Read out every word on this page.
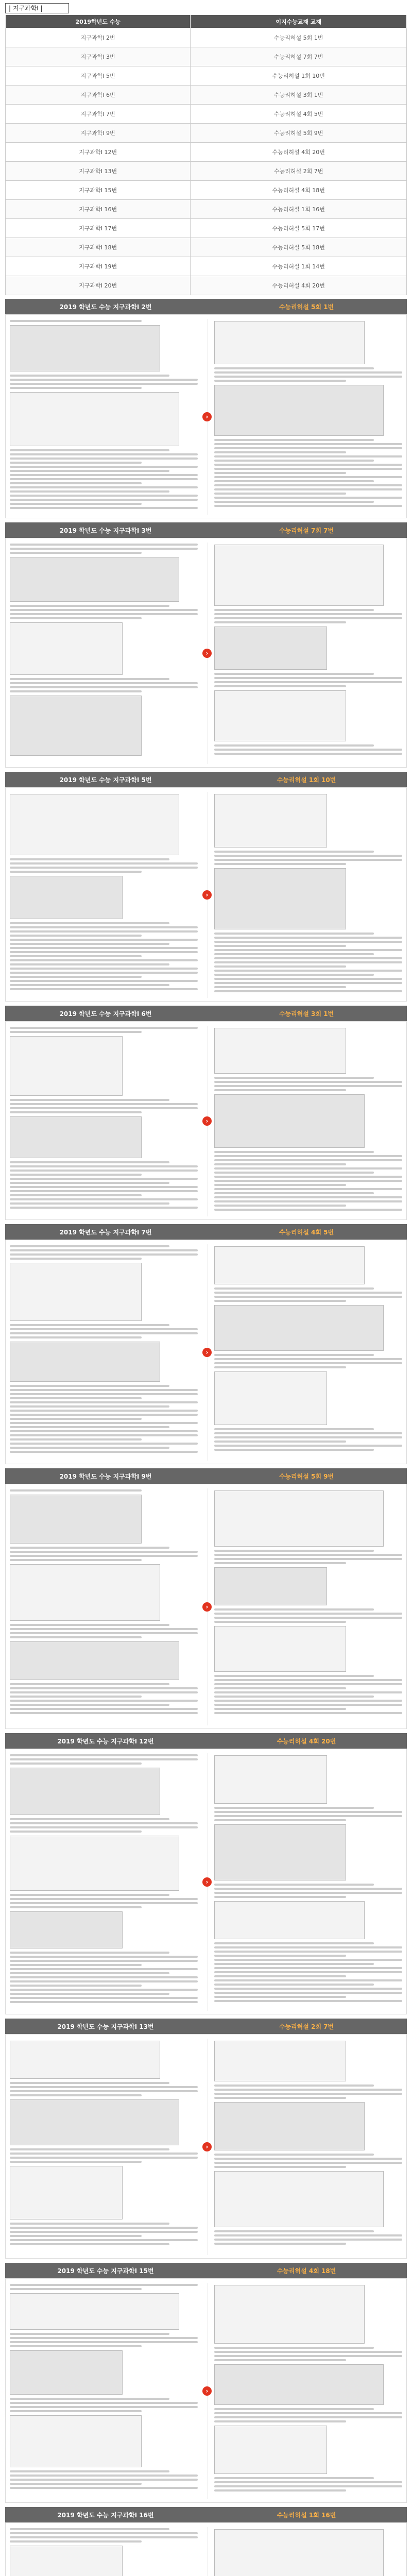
| 지구과학Ⅰ |
2019학년도 수능	이지수능교재 교재
지구과학Ⅰ 2번	수능리허설 5회 1번
지구과학Ⅰ 3번	수능리허설 7회 7번
지구과학Ⅰ 5번	수능리허설 1회 10번
지구과학Ⅰ 6번	수능리허설 3회 1번
지구과학Ⅰ 7번	수능리허설 4회 5번
지구과학Ⅰ 9번	수능리허설 5회 9번
지구과학Ⅰ 12번	수능리허설 4회 20번
지구과학Ⅰ 13번	수능리허설 2회 7번
지구과학Ⅰ 15번	수능리허설 4회 18번
지구과학Ⅰ 16번	수능리허설 1회 16번
지구과학Ⅰ 17번	수능리허설 5회 17번
지구과학Ⅰ 18번	수능리허설 5회 18번
지구과학Ⅰ 19번	수능리허설 1회 14번
지구과학Ⅰ 20번	수능리허설 4회 20번
2019 학년도 수능 지구과학Ⅰ 2번	수능리허설 5회 1번
›
2019 학년도 수능 지구과학Ⅰ 3번	수능리허설 7회 7번
›
2019 학년도 수능 지구과학Ⅰ 5번	수능리허설 1회 10번
›
2019 학년도 수능 지구과학Ⅰ 6번	수능리허설 3회 1번
›
2019 학년도 수능 지구과학Ⅰ 7번	수능리허설 4회 5번
›
2019 학년도 수능 지구과학Ⅰ 9번	수능리허설 5회 9번
›
2019 학년도 수능 지구과학Ⅰ 12번	수능리허설 4회 20번
›
2019 학년도 수능 지구과학Ⅰ 13번	수능리허설 2회 7번
›
2019 학년도 수능 지구과학Ⅰ 15번	수능리허설 4회 18번
›
2019 학년도 수능 지구과학Ⅰ 16번	수능리허설 1회 16번
